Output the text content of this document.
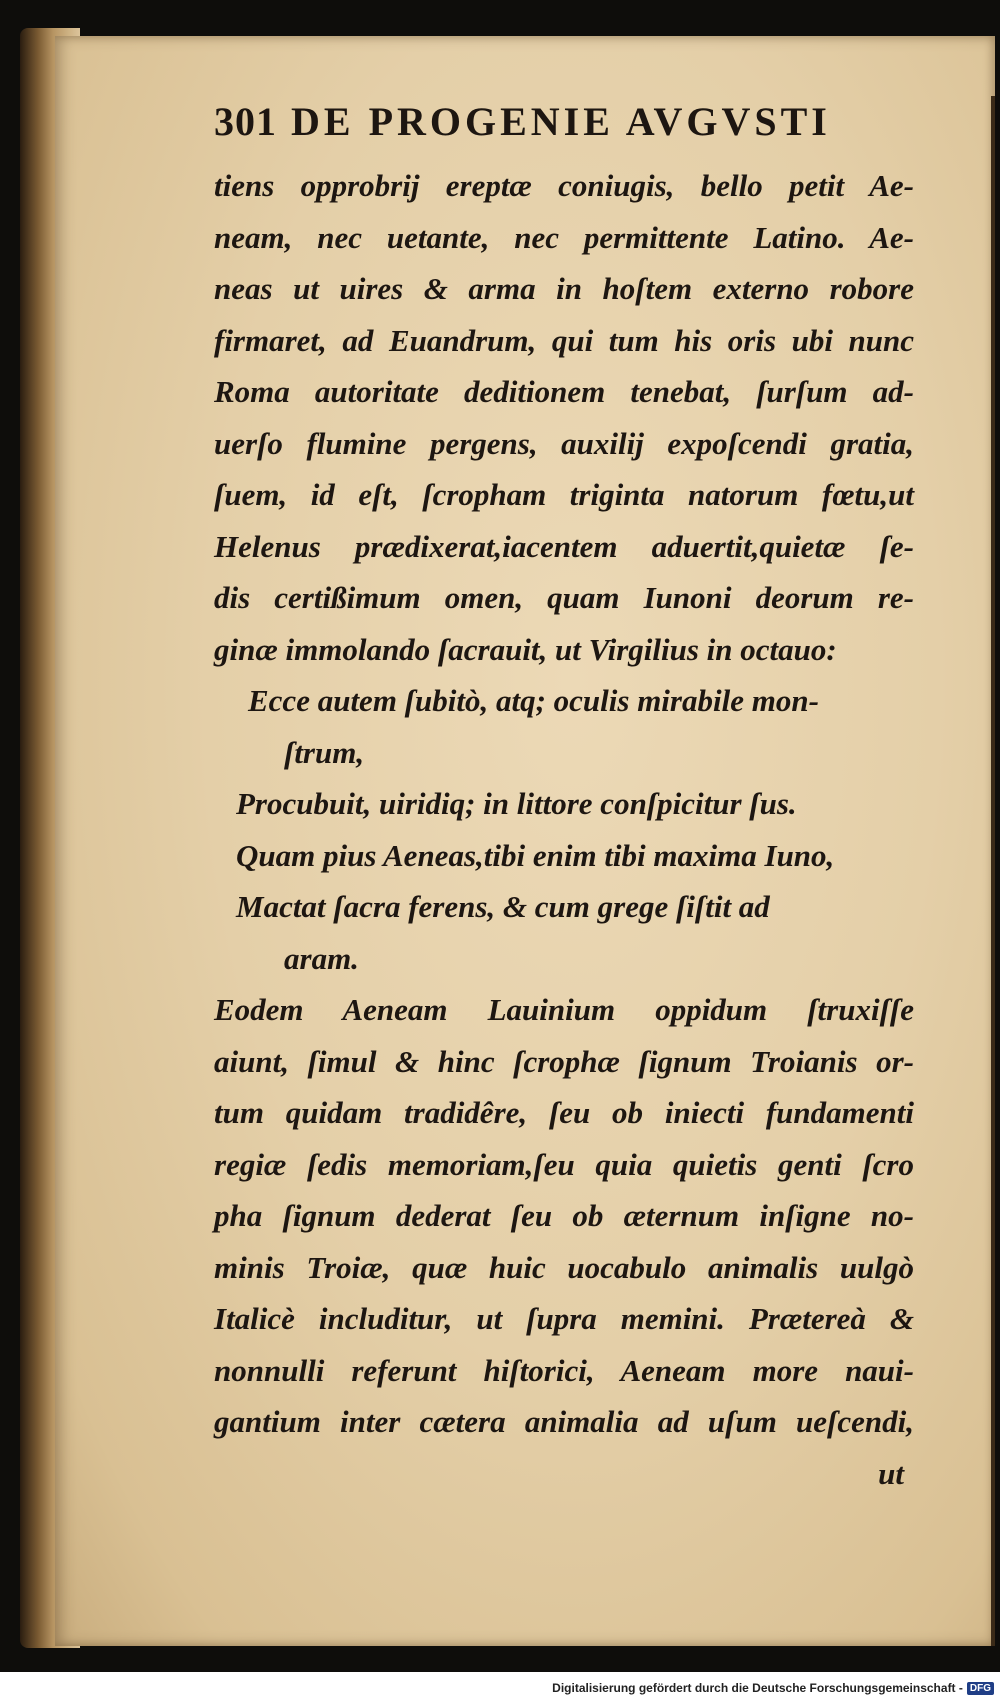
301 DE PROGENIE AVGVSTI
tiens opprobrij ereptæ coniugis, bello petit Ae-
neam, nec uetante, nec permittente Latino. Ae-
neas ut uires & arma in hoſtem externo robore
firmaret, ad Euandrum, qui tum his oris ubi nunc
Roma autoritate deditionem tenebat, ſurſum ad-
uerſo flumine pergens, auxilij expoſcendi gratia,
ſuem, id eſt, ſcropham triginta natorum fœtu,ut
Helenus prædixerat,iacentem aduertit,quietæ ſe-
dis certißimum omen, quam Iunoni deorum re-
ginæ immolando ſacrauit, ut Virgilius in octauo:
Ecce autem ſubitò, atq; oculis mirabile mon-
ſtrum,
Procubuit, uiridiq; in littore conſpicitur ſus.
Quam pius Aeneas,tibi enim tibi maxima Iuno,
Mactat ſacra ferens, & cum grege ſiſtit ad
aram.
Eodem Aeneam Lauinium oppidum ſtruxiſſe
aiunt, ſimul & hinc ſcrophæ ſignum Troianis or-
tum quidam tradidêre, ſeu ob iniecti fundamenti
regiæ ſedis memoriam,ſeu quia quietis genti ſcro
pha ſignum dederat ſeu ob æternum inſigne no-
minis Troiæ, quæ huic uocabulo animalis uulgò
Italicè includitur, ut ſupra memini. Prætereà &
nonnulli referunt hiſtorici, Aeneam more naui-
gantium inter cætera animalia ad uſum ueſcendi,
ut
Digitalisierung gefördert durch die Deutsche Forschungsgemeinschaft - DFG
